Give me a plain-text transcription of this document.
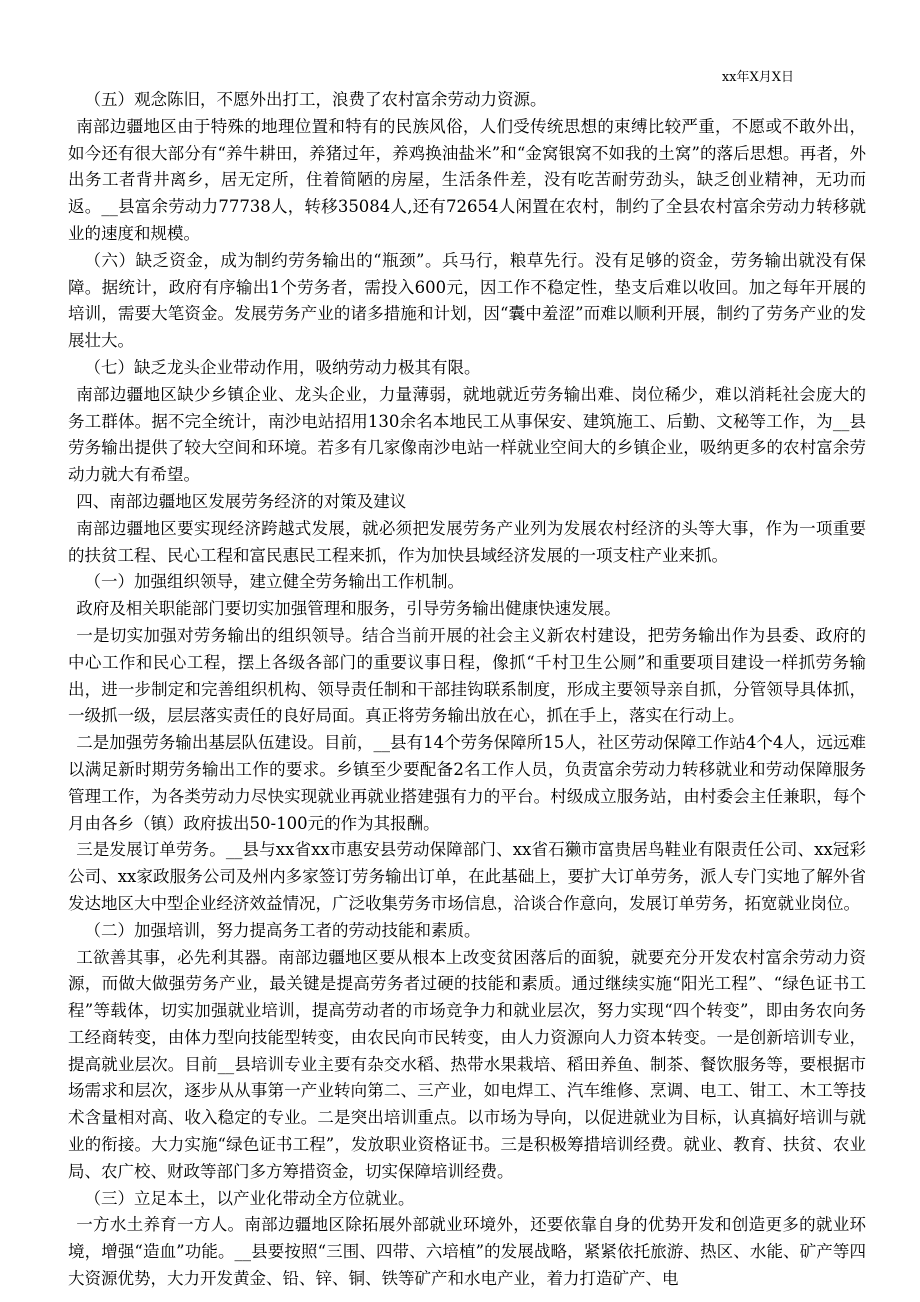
xx年X月X日

（五）观念陈旧，不愿外出打工，浪费了农村富余劳动力资源。

南部边疆地区由于特殊的地理位置和特有的民族风俗，人们受传统思想的束缚比较严重，不愿或不敢外出，如今还有很大部分有“养牛耕田，养猪过年，养鸡换油盐米”和“金窝银窝不如我的土窝”的落后思想。再者，外出务工者背井离乡，居无定所，住着简陋的房屋，生活条件差，没有吃苦耐劳劲头，缺乏创业精神，无功而返。__县富余劳动力77738人，转移35084人,还有72654人闲置在农村，制约了全县农村富余劳动力转移就业的速度和规模。

（六）缺乏资金，成为制约劳务输出的“瓶颈”。兵马行，粮草先行。没有足够的资金，劳务输出就没有保障。据统计，政府有序输出1个劳务者，需投入600元，因工作不稳定性，垫支后难以收回。加之每年开展的培训，需要大笔资金。发展劳务产业的诸多措施和计划，因“囊中羞涩”而难以顺利开展，制约了劳务产业的发展壮大。

（七）缺乏龙头企业带动作用，吸纳劳动力极其有限。

南部边疆地区缺少乡镇企业、龙头企业，力量薄弱，就地就近劳务输出难、岗位稀少，难以消耗社会庞大的务工群体。据不完全统计，南沙电站招用130余名本地民工从事保安、建筑施工、后勤、文秘等工作，为__县劳务输出提供了较大空间和环境。若多有几家像南沙电站一样就业空间大的乡镇企业，吸纳更多的农村富余劳动力就大有希望。

四、南部边疆地区发展劳务经济的对策及建议

南部边疆地区要实现经济跨越式发展，就必须把发展劳务产业列为发展农村经济的头等大事，作为一项重要的扶贫工程、民心工程和富民惠民工程来抓，作为加快县域经济发展的一项支柱产业来抓。

（一）加强组织领导，建立健全劳务输出工作机制。

政府及相关职能部门要切实加强管理和服务，引导劳务输出健康快速发展。

一是切实加强对劳务输出的组织领导。结合当前开展的社会主义新农村建设，把劳务输出作为县委、政府的中心工作和民心工程，摆上各级各部门的重要议事日程，像抓“千村卫生公厕”和重要项目建设一样抓劳务输出，进一步制定和完善组织机构、领导责任制和干部挂钩联系制度，形成主要领导亲自抓，分管领导具体抓，一级抓一级，层层落实责任的良好局面。真正将劳务输出放在心，抓在手上，落实在行动上。

二是加强劳务输出基层队伍建设。目前，__县有14个劳务保障所15人，社区劳动保障工作站4个4人，远远难以满足新时期劳务输出工作的要求。乡镇至少要配备2名工作人员，负责富余劳动力转移就业和劳动保障服务管理工作，为各类劳动力尽快实现就业再就业搭建强有力的平台。村级成立服务站，由村委会主任兼职，每个月由各乡（镇）政府拔出50-100元的作为其报酬。

三是发展订单劳务。__县与xx省xx市惠安县劳动保障部门、xx省石獭市富贵居鸟鞋业有限责任公司、xx冠彩公司、xx家政服务公司及州内多家签订劳务输出订单，在此基础上，要扩大订单劳务，派人专门实地了解外省发达地区大中型企业经济效益情况，广泛收集劳务市场信息，洽谈合作意向，发展订单劳务，拓宽就业岗位。

（二）加强培训，努力提高务工者的劳动技能和素质。

工欲善其事，必先利其器。南部边疆地区要从根本上改变贫困落后的面貌，就要充分开发农村富余劳动力资源，而做大做强劳务产业，最关键是提高劳务者过硬的技能和素质。通过继续实施“阳光工程”、“绿色证书工程”等载体，切实加强就业培训，提高劳动者的市场竞争力和就业层次，努力实现“四个转变”，即由务农向务工经商转变，由体力型向技能型转变，由农民向市民转变，由人力资源向人力资本转变。一是创新培训专业，提高就业层次。目前__县培训专业主要有杂交水稻、热带水果栽培、稻田养鱼、制茶、餐饮服务等，要根据市场需求和层次，逐步从从事第一产业转向第二、三产业，如电焊工、汽车维修、烹调、电工、钳工、木工等技术含量相对高、收入稳定的专业。二是突出培训重点。以市场为导向，以促进就业为目标，认真搞好培训与就业的衔接。大力实施“绿色证书工程”，发放职业资格证书。三是积极筹措培训经费。就业、教育、扶贫、农业局、农广校、财政等部门多方筹措资金，切实保障培训经费。

（三）立足本土，以产业化带动全方位就业。

一方水土养育一方人。南部边疆地区除拓展外部就业环境外，还要依靠自身的优势开发和创造更多的就业环境，增强“造血”功能。__县要按照“三围、四带、六培植”的发展战略，紧紧依托旅游、热区、水能、矿产等四大资源优势，大力开发黄金、铅、锌、铜、铁等矿产和水电产业，着力打造矿产、电
